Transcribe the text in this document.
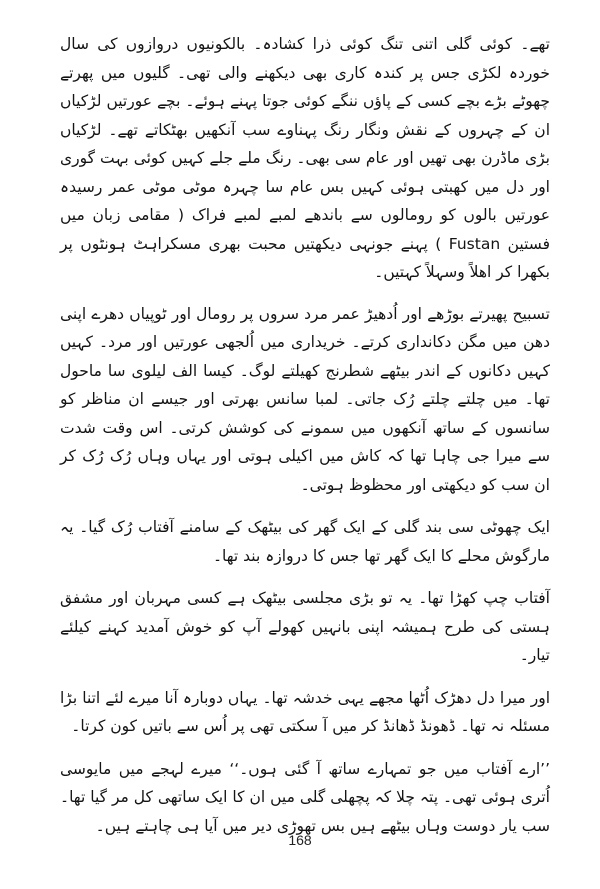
تھے۔ کوئی گلی اتنی تنگ کوئی ذرا کشادہ۔ بالکونیوں دروازوں کی سال خوردہ لکڑی جس پر کندہ کاری بھی دیکھنے والی تھی۔ گلیوں میں پھرتے چھوٹے بڑے بچے کسی کے پاؤں ننگے کوئی جوتا پہنے ہوئے۔ بچے عورتیں لڑکیاں ان کے چہروں کے نقش ونگار رنگ پہناوے سب آنکھیں بھٹکاتے تھے۔ لڑکیاں بڑی ماڈرن بھی تھیں اور عام سی بھی۔ رنگ ملے جلے کہیں کوئی بہت گوری اور دل میں کھبتی ہوئی کہیں بس عام سا چہرہ موٹی موٹی عمر رسیدہ عورتیں بالوں کو رومالوں سے باندھے لمبے لمبے فراک ( مقامی زبان میں فستین Fustan ) پہنے جونہی دیکھتیں محبت بھری مسکراہٹ ہونٹوں پر بکھرا کر اھلاً وسہلاً کہتیں۔

تسبیح پھیرتے بوڑھے اور اُدھیڑ عمر مرد سروں پر رومال اور ٹوپیاں دھرے اپنی دھن میں مگن دکانداری کرتے۔ خریداری میں اُلجھی عورتیں اور مرد۔ کہیں کہیں دکانوں کے اندر بیٹھے شطرنج کھیلتے لوگ۔ کیسا الف لیلوی سا ماحول تھا۔ میں چلتے چلتے رُک جاتی۔ لمبا سانس بھرتی اور جیسے ان مناظر کو سانسوں کے ساتھ آنکھوں میں سمونے کی کوشش کرتی۔ اس وقت شدت سے میرا جی چاہا تھا کہ کاش میں اکیلی ہوتی اور یہاں وہاں رُک رُک کر ان سب کو دیکھتی اور محظوظ ہوتی۔

ایک چھوٹی سی بند گلی کے ایک گھر کی بیٹھک کے سامنے آفتاب رُک گیا۔ یہ مارگوش محلے کا ایک گھر تھا جس کا دروازہ بند تھا۔

آفتاب چپ کھڑا تھا۔ یہ تو بڑی مجلسی بیٹھک ہے کسی مہربان اور مشفق ہستی کی طرح ہمیشہ اپنی بانہیں کھولے آپ کو خوش آمدید کہنے کیلئے تیار۔

اور میرا دل دھڑک اُٹھا مجھے یہی خدشہ تھا۔ یہاں دوبارہ آنا میرے لئے اتنا بڑا مسئلہ نہ تھا۔ ڈھونڈ ڈھانڈ کر میں آ سکتی تھی پر اُس سے باتیں کون کرتا۔

’’ارے آفتاب میں جو تمہارے ساتھ آ گئی ہوں۔‘‘ میرے لہجے میں مایوسی اُتری ہوئی تھی۔ پتہ چلا کہ پچھلی گلی میں ان کا ایک ساتھی کل مر گیا تھا۔ سب یار دوست وہاں بیٹھے ہیں بس تھوڑی دیر میں آیا ہی چاہتے ہیں۔

168
